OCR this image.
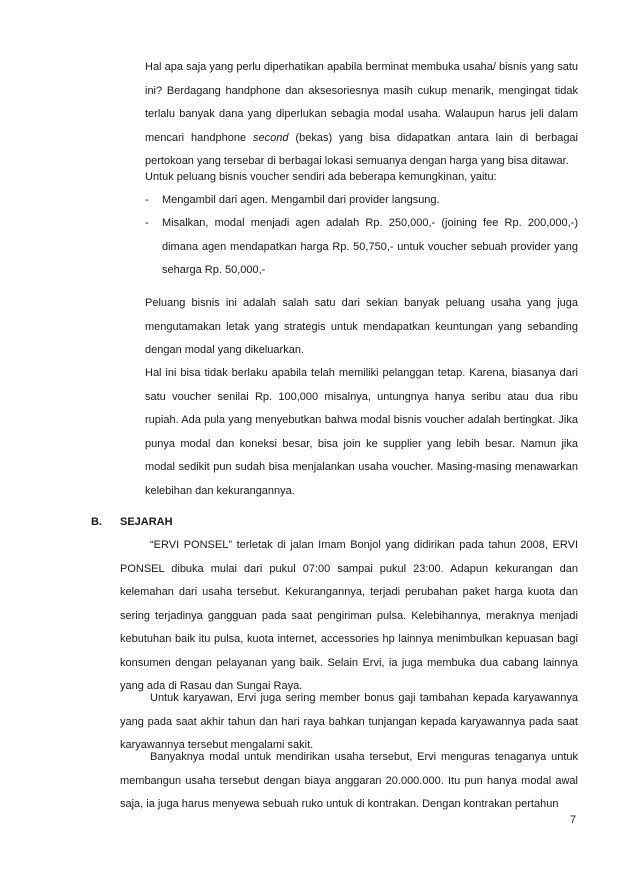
Hal apa saja yang perlu diperhatikan apabila berminat membuka usaha/ bisnis yang satu ini? Berdagang handphone dan aksesoriesnya masih cukup menarik, mengingat tidak terlalu banyak dana yang diperlukan sebagia modal usaha. Walaupun harus jeli dalam mencari handphone second (bekas) yang bisa didapatkan antara lain di berbagai pertokoan yang tersebar di berbagai lokasi semuanya dengan harga yang bisa ditawar.
Untuk peluang bisnis voucher sendiri ada beberapa kemungkinan, yaitu:
- Mengambil dari agen. Mengambil dari provider langsung.
- Misalkan, modal menjadi agen adalah Rp. 250,000,- (joining fee Rp. 200,000,-) dimana agen mendapatkan harga Rp. 50,750,- untuk voucher sebuah provider yang seharga Rp. 50,000,-
Peluang bisnis ini adalah salah satu dari sekian banyak peluang usaha yang juga mengutamakan letak yang strategis untuk mendapatkan keuntungan yang sebanding dengan modal yang dikeluarkan.
Hal ini bisa tidak berlaku apabila telah memiliki pelanggan tetap. Karena, biasanya dari satu voucher senilai Rp. 100,000 misalnya, untungnya hanya seribu atau dua ribu rupiah. Ada pula yang menyebutkan bahwa modal bisnis voucher adalah bertingkat. Jika punya modal dan koneksi besar, bisa join ke supplier yang lebih besar. Namun jika modal sedikit pun sudah bisa menjalankan usaha voucher. Masing-masing menawarkan kelebihan dan kekurangannya.
B. SEJARAH
“ERVI PONSEL” terletak di jalan Imam Bonjol yang didirikan pada tahun 2008, ERVI PONSEL dibuka mulai dari pukul 07:00 sampai pukul 23:00. Adapun kekurangan dan kelemahan dari usaha tersebut. Kekurangannya, terjadi perubahan paket harga kuota dan sering terjadinya gangguan pada saat pengiriman pulsa. Kelebihannya, meraknya menjadi kebutuhan baik itu pulsa, kuota internet, accessories hp lainnya menimbulkan kepuasan bagi konsumen dengan pelayanan yang baik. Selain Ervi, ia juga membuka dua cabang lainnya yang ada di Rasau dan Sungai Raya.
Untuk karyawan, Ervi juga sering member bonus gaji tambahan kepada karyawannya yang pada saat akhir tahun dan hari raya bahkan tunjangan kepada karyawannya pada saat karyawannya tersebut mengalami sakit.
Banyaknya modal untuk mendirikan usaha tersebut, Ervi menguras tenaganya untuk membangun usaha tersebut dengan biaya anggaran 20.000.000. Itu pun hanya modal awal saja, ia juga harus menyewa sebuah ruko untuk di kontrakan. Dengan kontrakan pertahun
7
